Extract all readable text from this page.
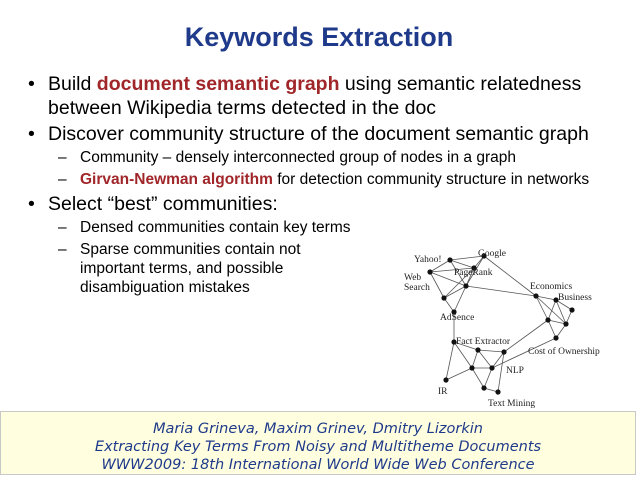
Keywords Extraction
• Build document semantic graph using semantic relatedness between Wikipedia terms detected in the doc
• Discover community structure of the document semantic graph
– Community – densely interconnected group of nodes in a graph
– Girvan-Newman algorithm for detection community structure in networks
• Select “best” communities:
– Densed communities contain key terms
– Sparse communities contain not important terms, and possible disambiguation mistakes
Yahoo!
Google
Web
Search
PageRank
Economics
Business
AdSence
Fact Extractor
Cost of Ownership
NLP
IR
Text Mining
Maria Grineva, Maxim Grinev, Dmitry Lizorkin
Extracting Key Terms From Noisy and Multitheme Documents
WWW2009: 18th International World Wide Web Conference
